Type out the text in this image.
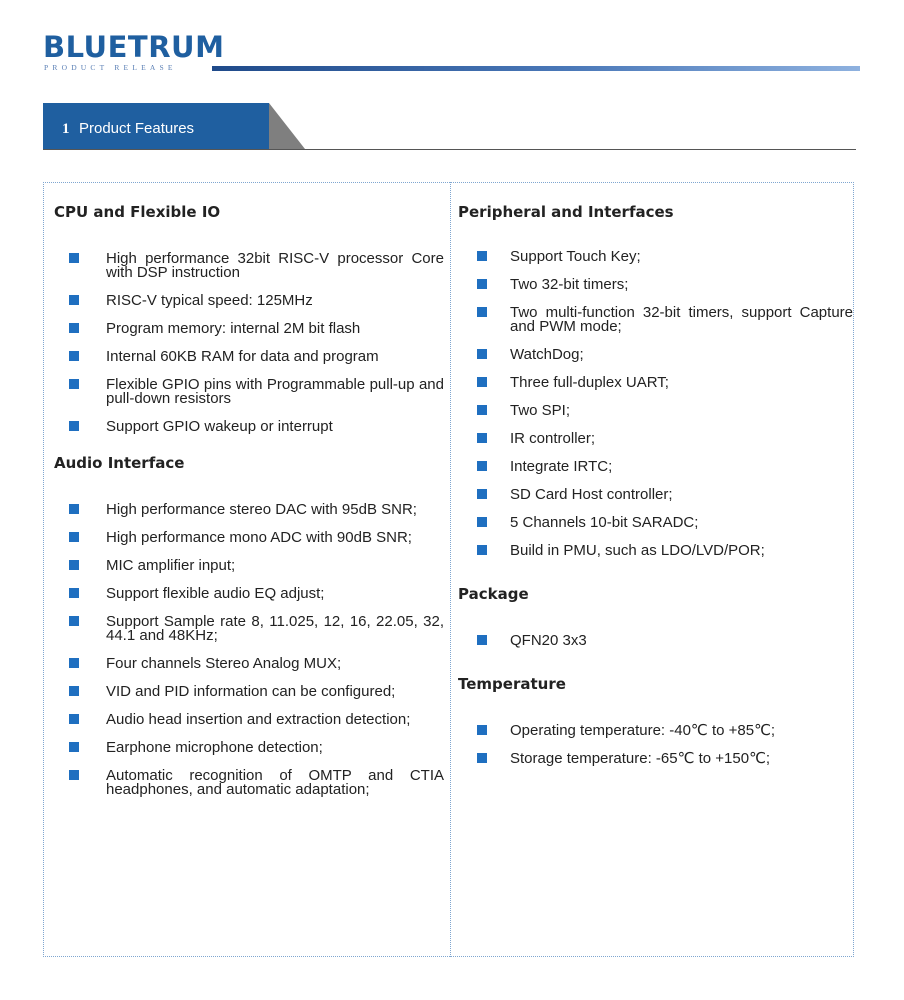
BLUETRUM
PRODUCT RELEASE
1 Product Features
CPU and Flexible IO
High performance 32bit RISC-V processor Core with DSP instruction
RISC-V typical speed: 125MHz
Program memory: internal 2M bit flash
Internal 60KB RAM for data and program
Flexible GPIO pins with Programmable pull-up and pull-down resistors
Support GPIO wakeup or interrupt
Audio Interface
High performance stereo DAC with 95dB SNR;
High performance mono ADC with 90dB SNR;
MIC amplifier input;
Support flexible audio EQ adjust;
Support Sample rate 8, 11.025, 12, 16, 22.05, 32, 44.1 and 48KHz;
Four channels Stereo Analog MUX;
VID and PID information can be configured;
Audio head insertion and extraction detection;
Earphone microphone detection;
Automatic recognition of OMTP and CTIA headphones, and automatic adaptation;
Peripheral and Interfaces
Support Touch Key;
Two 32-bit timers;
Two multi-function 32-bit timers, support Capture and PWM mode;
WatchDog;
Three full-duplex UART;
Two SPI;
IR controller;
Integrate IRTC;
SD Card Host controller;
5 Channels 10-bit SARADC;
Build in PMU, such as LDO/LVD/POR;
Package
QFN20 3x3
Temperature
Operating temperature: -40℃ to +85℃;
Storage temperature: -65℃ to +150℃;
